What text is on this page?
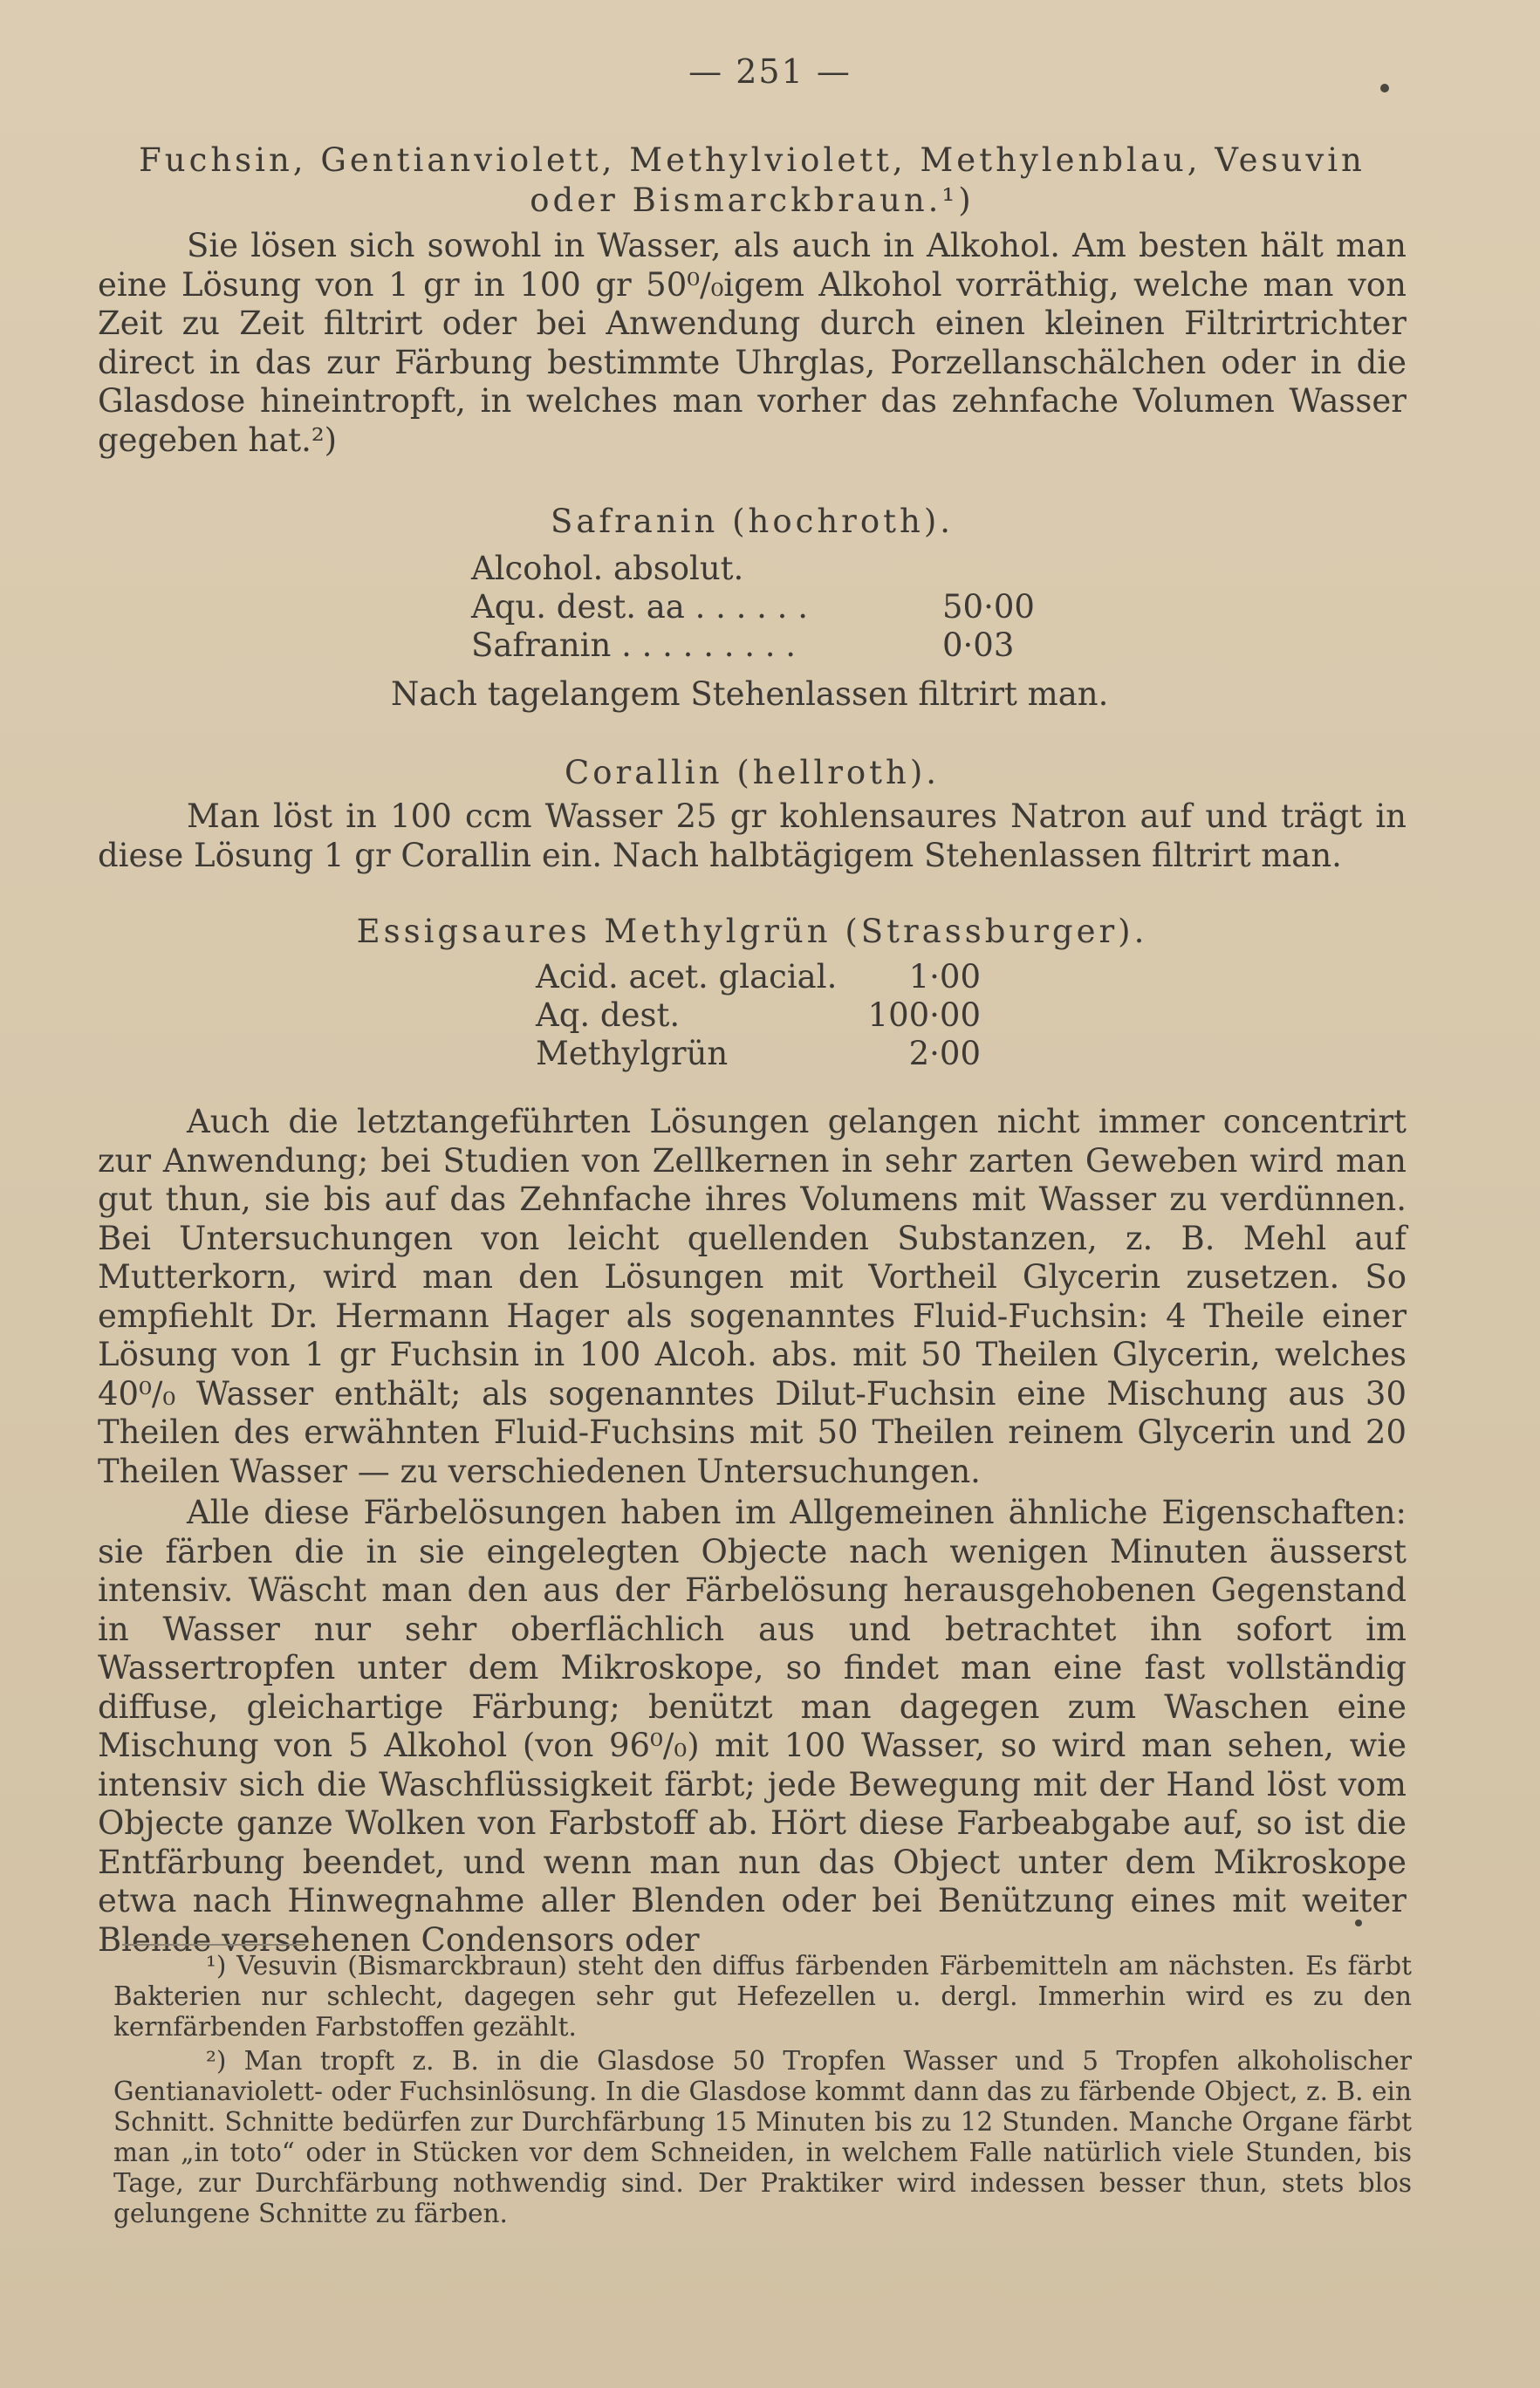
— 251 —

Fuchsin, Gentianviolett, Methylviolett, Methylenblau, Vesuvin

oder Bismarckbraun.¹)

Sie lösen sich sowohl in Wasser, als auch in Alkohol. Am besten hält man eine Lösung von 1 gr in 100 gr 50⁰/₀igem Alkohol vorräthig, welche man von Zeit zu Zeit filtrirt oder bei Anwendung durch einen kleinen Filtrirtrichter direct in das zur Färbung bestimmte Uhrglas, Porzellanschälchen oder in die Glasdose hineintropft, in welches man vorher das zehnfache Volumen Wasser gegeben hat.²)

Safranin (hochroth).

Alcohol. absolut.
Aqu. dest. aa . . . . . .	50·00
Safranin . . . . . . . . .	0·03

Nach tagelangem Stehenlassen filtrirt man.

Corallin (hellroth).

Man löst in 100 ccm Wasser 25 gr kohlensaures Natron auf und trägt in diese Lösung 1 gr Corallin ein. Nach halbtägigem Stehenlassen filtrirt man.

Essigsaures Methylgrün (Strassburger).

Acid. acet. glacial.	1·00
Aq. dest.	100·00
Methylgrün	2·00

Auch die letztangeführten Lösungen gelangen nicht immer concentrirt zur Anwendung; bei Studien von Zellkernen in sehr zarten Geweben wird man gut thun, sie bis auf das Zehnfache ihres Volumens mit Wasser zu verdünnen. Bei Untersuchungen von leicht quellenden Substanzen, z. B. Mehl auf Mutterkorn, wird man den Lösungen mit Vortheil Glycerin zusetzen. So empfiehlt Dr. Hermann Hager als sogenanntes Fluid-Fuchsin: 4 Theile einer Lösung von 1 gr Fuchsin in 100 Alcoh. abs. mit 50 Theilen Glycerin, welches 40⁰/₀ Wasser enthält; als sogenanntes Dilut-Fuchsin eine Mischung aus 30 Theilen des erwähnten Fluid-Fuchsins mit 50 Theilen reinem Glycerin und 20 Theilen Wasser — zu verschiedenen Untersuchungen.

Alle diese Färbelösungen haben im Allgemeinen ähnliche Eigenschaften: sie färben die in sie eingelegten Objecte nach wenigen Minuten äusserst intensiv. Wäscht man den aus der Färbelösung herausgehobenen Gegenstand in Wasser nur sehr oberflächlich aus und betrachtet ihn sofort im Wassertropfen unter dem Mikroskope, so findet man eine fast vollständig diffuse, gleichartige Färbung; benützt man dagegen zum Waschen eine Mischung von 5 Alkohol (von 96⁰/₀) mit 100 Wasser, so wird man sehen, wie intensiv sich die Waschflüssigkeit färbt; jede Bewegung mit der Hand löst vom Objecte ganze Wolken von Farbstoff ab. Hört diese Farbeabgabe auf, so ist die Entfärbung beendet, und wenn man nun das Object unter dem Mikroskope etwa nach Hinwegnahme aller Blenden oder bei Benützung eines mit weiter Blende versehenen Condensors oder

¹) Vesuvin (Bismarckbraun) steht den diffus färbenden Färbemitteln am nächsten. Es färbt Bakterien nur schlecht, dagegen sehr gut Hefezellen u. dergl. Immerhin wird es zu den kernfärbenden Farbstoffen gezählt.

²) Man tropft z. B. in die Glasdose 50 Tropfen Wasser und 5 Tropfen alkoholischer Gentianaviolett- oder Fuchsinlösung. In die Glasdose kommt dann das zu färbende Object, z. B. ein Schnitt. Schnitte bedürfen zur Durchfärbung 15 Minuten bis zu 12 Stunden. Manche Organe färbt man „in toto“ oder in Stücken vor dem Schneiden, in welchem Falle natürlich viele Stunden, bis Tage, zur Durchfärbung nothwendig sind. Der Praktiker wird indessen besser thun, stets blos gelungene Schnitte zu färben.
